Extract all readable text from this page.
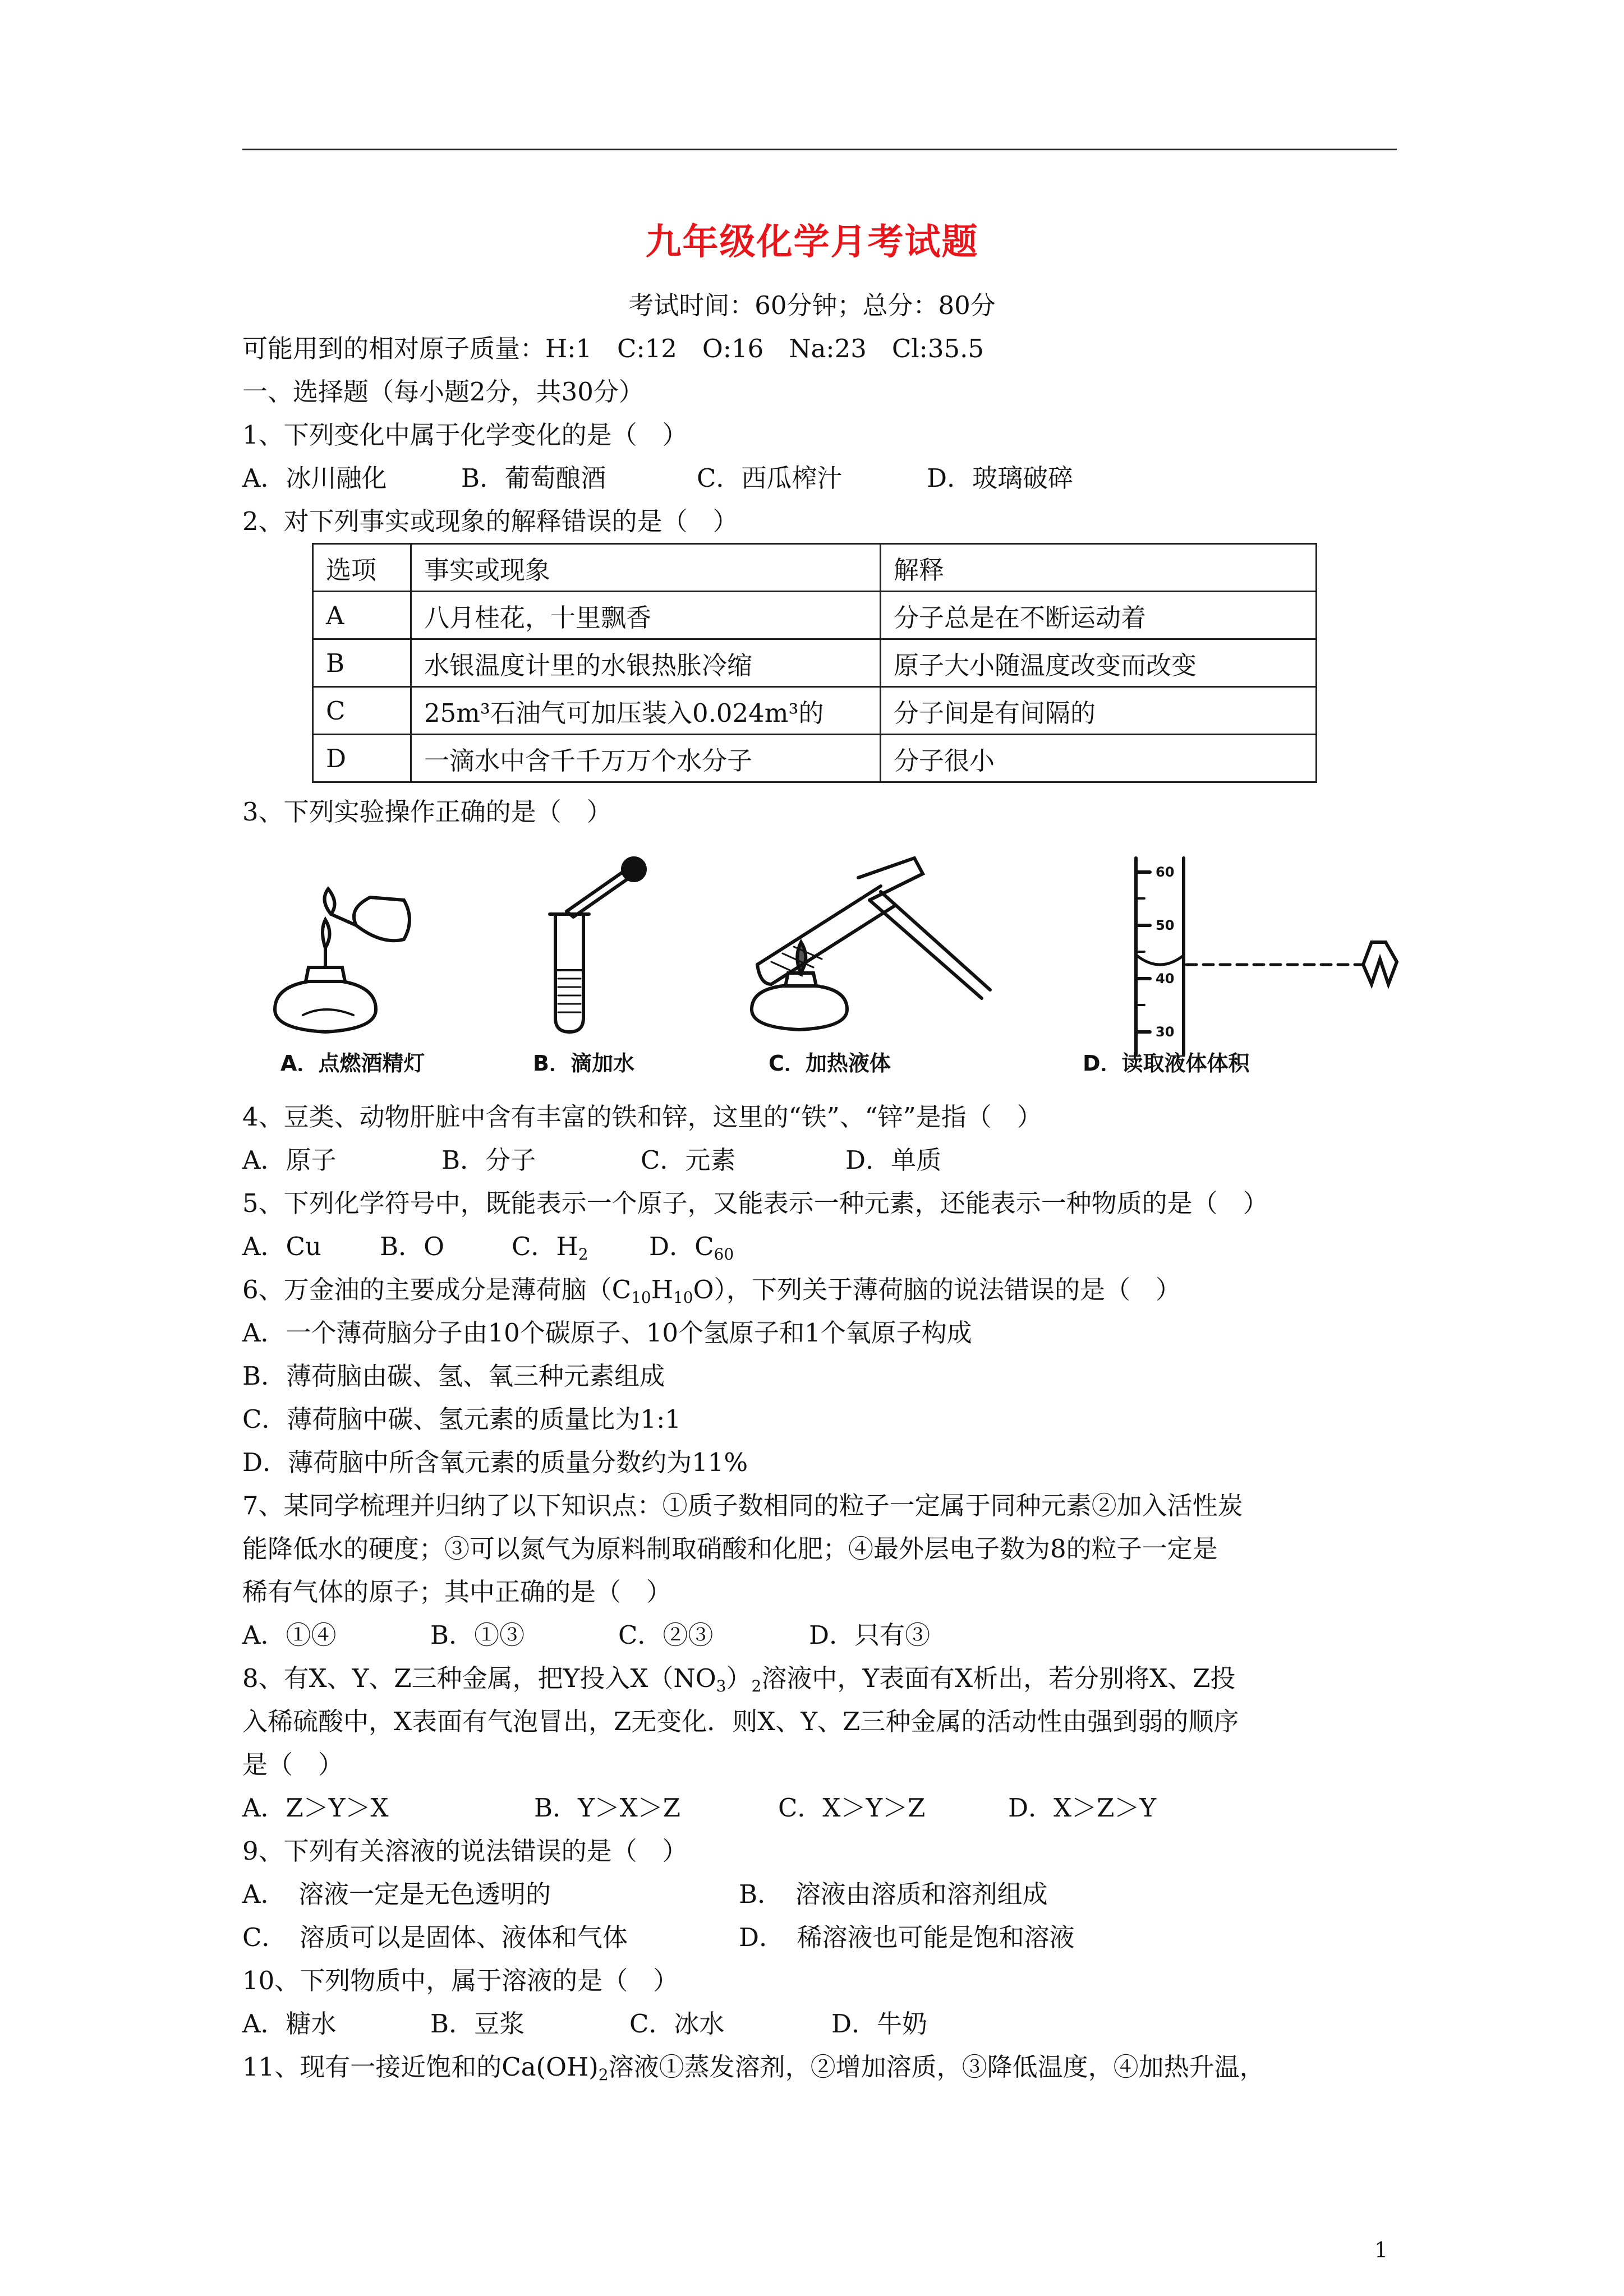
九年级化学月考试题
考试时间：60分钟；总分：80分
可能用到的相对原子质量：H:1　C:12　O:16　Na:23　Cl:35.5
一、选择题（每小题2分，共30分）
1、下列变化中属于化学变化的是（　）
A．冰川融化	B．葡萄酿酒	C．西瓜榨汁	D．玻璃破碎
2、对下列事实或现象的解释错误的是（　）
选项	事实或现象	解释
A	八月桂花，十里飘香	分子总是在不断运动着
B	水银温度计里的水银热胀冷缩	原子大小随温度改变而改变
C	25m³石油气可加压装入0.024m³的	分子间是有间隔的
D	一滴水中含千千万万个水分子	分子很小
3、下列实验操作正确的是（　）
60
50
40
30
A．点燃酒精灯	B．滴加水	C．加热液体	D．读取液体体积
4、豆类、动物肝脏中含有丰富的铁和锌，这里的“铁”、“锌”是指（　）
A．原子	B．分子	C．元素	D．单质
5、下列化学符号中，既能表示一个原子，又能表示一种元素，还能表示一种物质的是（　）
A．Cu B．O	C．$H_2$ D．$C_{60}$
6、万金油的主要成分是薄荷脑$(C_{10}H_{10}O)$，下列关于薄荷脑的说法错误的是（　）
A．一个薄荷脑分子由10个碳原子、10个氢原子和1个氧原子构成
B．薄荷脑由碳、氢、氧三种元素组成
C．薄荷脑中碳、氢元素的质量比为1:1
D．薄荷脑中所含氧元素的质量分数约为11%
7、某同学梳理并归纳了以下知识点：①质子数相同的粒子一定属于同种元素②加入活性炭
能降低水的硬度；③可以氮气为原料制取硝酸和化肥；④最外层电子数为8的粒子一定是
稀有气体的原子；其中正确的是（　）
A．①④	B．①③	C．②③	D．只有③
8、有X、Y、Z三种金属，把Y投入$X(NO_3)_2$溶液中，Y表面有X析出，若分别将X、Z投
入稀硫酸中，X表面有气泡冒出，Z无变化．则X、Y、Z三种金属的活动性由强到弱的顺序
是（　）
A．Z＞Y＞X	B．Y＞X＞Z	C．X＞Y＞Z	D．X＞Z＞Y
9、下列有关溶液的说法错误的是（　）
A．　溶液一定是无色透明的	B．　溶液由溶质和溶剂组成
C．　溶质可以是固体、液体和气体	D．　稀溶液也可能是饱和溶液
10、下列物质中，属于溶液的是（　）
A．糖水	B．豆浆	C．冰水	D．牛奶
11、现有一接近饱和的$Ca(OH)_2$溶液①蒸发溶剂，②增加溶质，③降低温度，④加热升温，
1
